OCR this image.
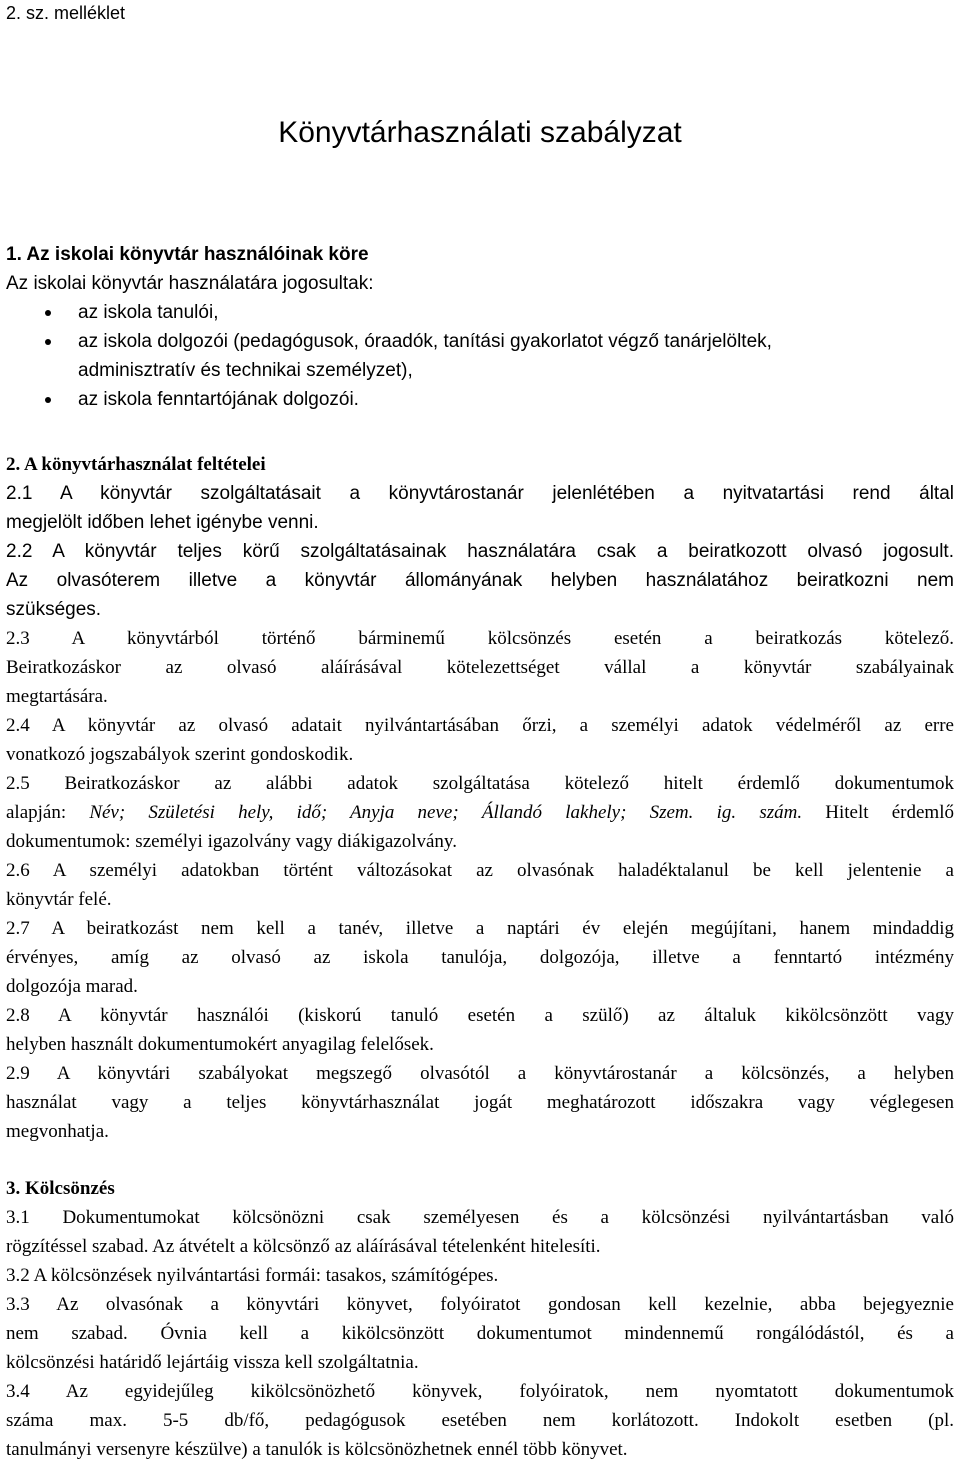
2. sz. melléklet
Könyvtárhasználati szabályzat
1. Az iskolai könyvtár használóinak köre
Az iskolai könyvtár használatára jogosultak:
az iskola tanulói,
az iskola dolgozói (pedagógusok, óraadók, tanítási gyakorlatot végző tanárjelöltek,
adminisztratív és technikai személyzet),
az iskola fenntartójának dolgozói.
2. A könyvtárhasználat feltételei
2.1 A könyvtár szolgáltatásait a könyvtárostanár jelenlétében a nyitvatartási rend által
megjelölt időben lehet igénybe venni.
2.2 A könyvtár teljes körű szolgáltatásainak használatára csak a beiratkozott olvasó jogosult.
Az olvasóterem illetve a könyvtár állományának helyben használatához beiratkozni nem
szükséges.
2.3 A könyvtárból történő bárminemű kölcsönzés esetén a beiratkozás kötelező.
Beiratkozáskor az olvasó aláírásával kötelezettséget vállal a könyvtár szabályainak
megtartására.
2.4 A könyvtár az olvasó adatait nyilvántartásában őrzi, a személyi adatok védelméről az erre
vonatkozó jogszabályok szerint gondoskodik.
2.5 Beiratkozáskor az alábbi adatok szolgáltatása kötelező hitelt érdemlő dokumentumok
alapján: Név; Születési hely, idő; Anyja neve; Állandó lakhely; Szem. ig. szám. Hitelt érdemlő
dokumentumok: személyi igazolvány vagy diákigazolvány.
2.6 A személyi adatokban történt változásokat az olvasónak haladéktalanul be kell jelentenie a
könyvtár felé.
2.7 A beiratkozást nem kell a tanév, illetve a naptári év elején megújítani, hanem mindaddig
érvényes, amíg az olvasó az iskola tanulója, dolgozója, illetve a fenntartó intézmény
dolgozója marad.
2.8 A könyvtár használói (kiskorú tanuló esetén a szülő) az általuk kikölcsönzött vagy
helyben használt dokumentumokért anyagilag felelősek.
2.9 A könyvtári szabályokat megszegő olvasótól a könyvtárostanár a kölcsönzés, a helyben
használat vagy a teljes könyvtárhasználat jogát meghatározott időszakra vagy véglegesen
megvonhatja.
3. Kölcsönzés
3.1 Dokumentumokat kölcsönözni csak személyesen és a kölcsönzési nyilvántartásban való
rögzítéssel szabad. Az átvételt a kölcsönző az aláírásával tételenként hitelesíti.
3.2 A kölcsönzések nyilvántartási formái: tasakos, számítógépes.
3.3 Az olvasónak a könyvtári könyvet, folyóiratot gondosan kell kezelnie, abba bejegyeznie
nem szabad. Óvnia kell a kikölcsönzött dokumentumot mindennemű rongálódástól, és a
kölcsönzési határidő lejártáig vissza kell szolgáltatnia.
3.4 Az egyidejűleg kikölcsönözhető könyvek, folyóiratok, nem nyomtatott dokumentumok
száma max. 5-5 db/fő, pedagógusok esetében nem korlátozott. Indokolt esetben (pl.
tanulmányi versenyre készülve) a tanulók is kölcsönözhetnek ennél több könyvet.
